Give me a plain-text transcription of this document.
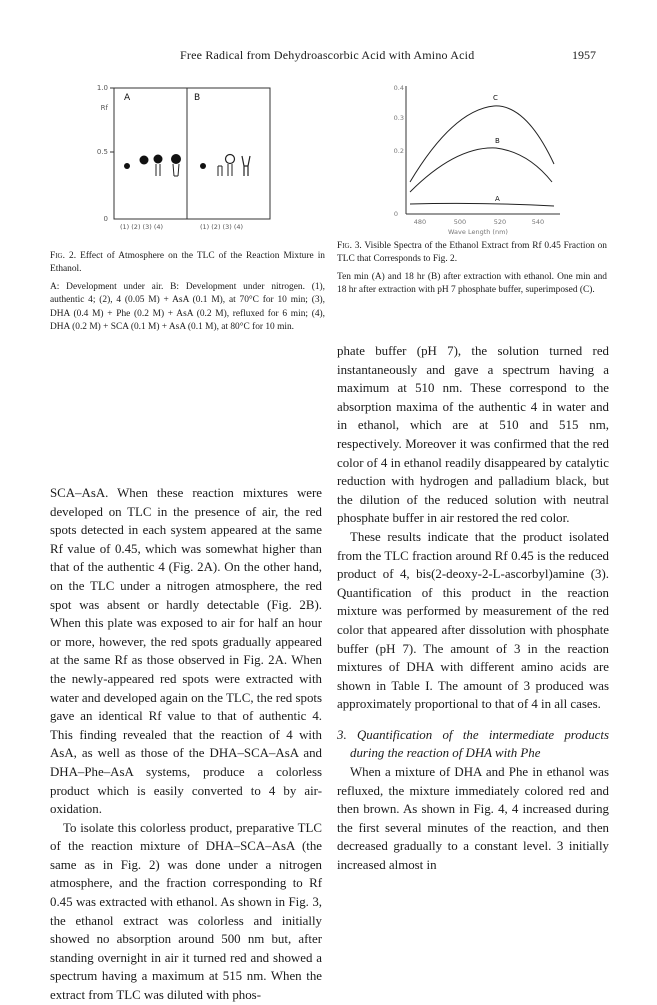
Free Radical from Dehydroascorbic Acid with Amino Acid	1957
1.0
Rf
0.5
0
A	B
(1) (2) (3) (4)	(1) (2) (3) (4)
0.4
0.3
0.2
0
C
B
A
480	500	520	540
Wave Length (nm)

Fig. 2. Effect of Atmosphere on the TLC of the Reaction Mixture in Ethanol.

A: Development under air. B: Development under nitrogen. (1), authentic 4; (2), 4 (0.05 M) + AsA (0.1 M), at 70°C for 10 min; (3), DHA (0.4 M) + Phe (0.2 M) + AsA (0.2 M), refluxed for 6 min; (4), DHA (0.2 M) + SCA (0.1 M) + AsA (0.1 M), at 80°C for 10 min.

Fig. 3. Visible Spectra of the Ethanol Extract from Rf 0.45 Fraction on TLC that Corresponds to Fig. 2.

Ten min (A) and 18 hr (B) after extraction with ethanol. One min and 18 hr after extraction with pH 7 phosphate buffer, superimposed (C).

SCA–AsA. When these reaction mixtures were developed on TLC in the presence of air, the red spots detected in each system appeared at the same Rf value of 0.45, which was somewhat higher than that of the authentic 4 (Fig. 2A). On the other hand, on the TLC under a nitrogen atmosphere, the red spot was absent or hardly detectable (Fig. 2B). When this plate was exposed to air for half an hour or more, however, the red spots gradually appeared at the same Rf as those observed in Fig. 2A. When the newly-appeared red spots were extracted with water and developed again on the TLC, the red spots gave an identical Rf value to that of authentic 4. This finding revealed that the reaction of 4 with AsA, as well as those of the DHA–SCA–AsA and DHA–Phe–AsA systems, produce a colorless product which is easily converted to 4 by air-oxidation.

To isolate this colorless product, preparative TLC of the reaction mixture of DHA–SCA–AsA (the same as in Fig. 2) was done under a nitrogen atmosphere, and the fraction corresponding to Rf 0.45 was extracted with ethanol. As shown in Fig. 3, the ethanol extract was colorless and initially showed no absorption around 500 nm but, after standing overnight in air it turned red and showed a spectrum having a maximum at 515 nm. When the extract from TLC was diluted with phos-

phate buffer (pH 7), the solution turned red instantaneously and gave a spectrum having a maximum at 510 nm. These correspond to the absorption maxima of the authentic 4 in water and in ethanol, which are at 510 and 515 nm, respectively. Moreover it was confirmed that the red color of 4 in ethanol readily disappeared by catalytic reduction with hydrogen and palladium black, but the dilution of the reduced solution with neutral phosphate buffer in air restored the red color.

These results indicate that the product isolated from the TLC fraction around Rf 0.45 is the reduced product of 4, bis(2-deoxy-2-L-ascorbyl)amine (3). Quantification of this product in the reaction mixture was performed by measurement of the red color that appeared after dissolution with phosphate buffer (pH 7). The amount of 3 in the reaction mixtures of DHA with different amino acids are shown in Table I. The amount of 3 produced was approximately proportional to that of 4 in all cases.

3. Quantification of the intermediate products during the reaction of DHA with Phe

When a mixture of DHA and Phe in ethanol was refluxed, the mixture immediately colored red and then brown. As shown in Fig. 4, 4 increased during the first several minutes of the reaction, and then decreased gradually to a constant level. 3 initially increased almost in
